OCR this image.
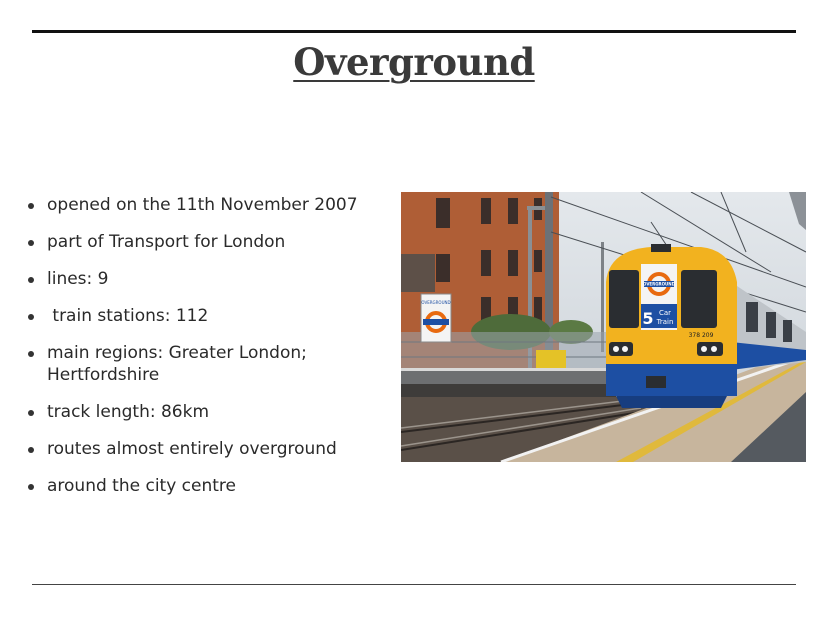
Overground
opened on the 11th November 2007
part of Transport for London
lines: 9
train stations: 112
main regions: Greater London; Hertfordshire
track length: 86km
routes almost entirely overground
around the city centre
OVERGROUND
OVERGROUND
5 Car
Train
378 209
